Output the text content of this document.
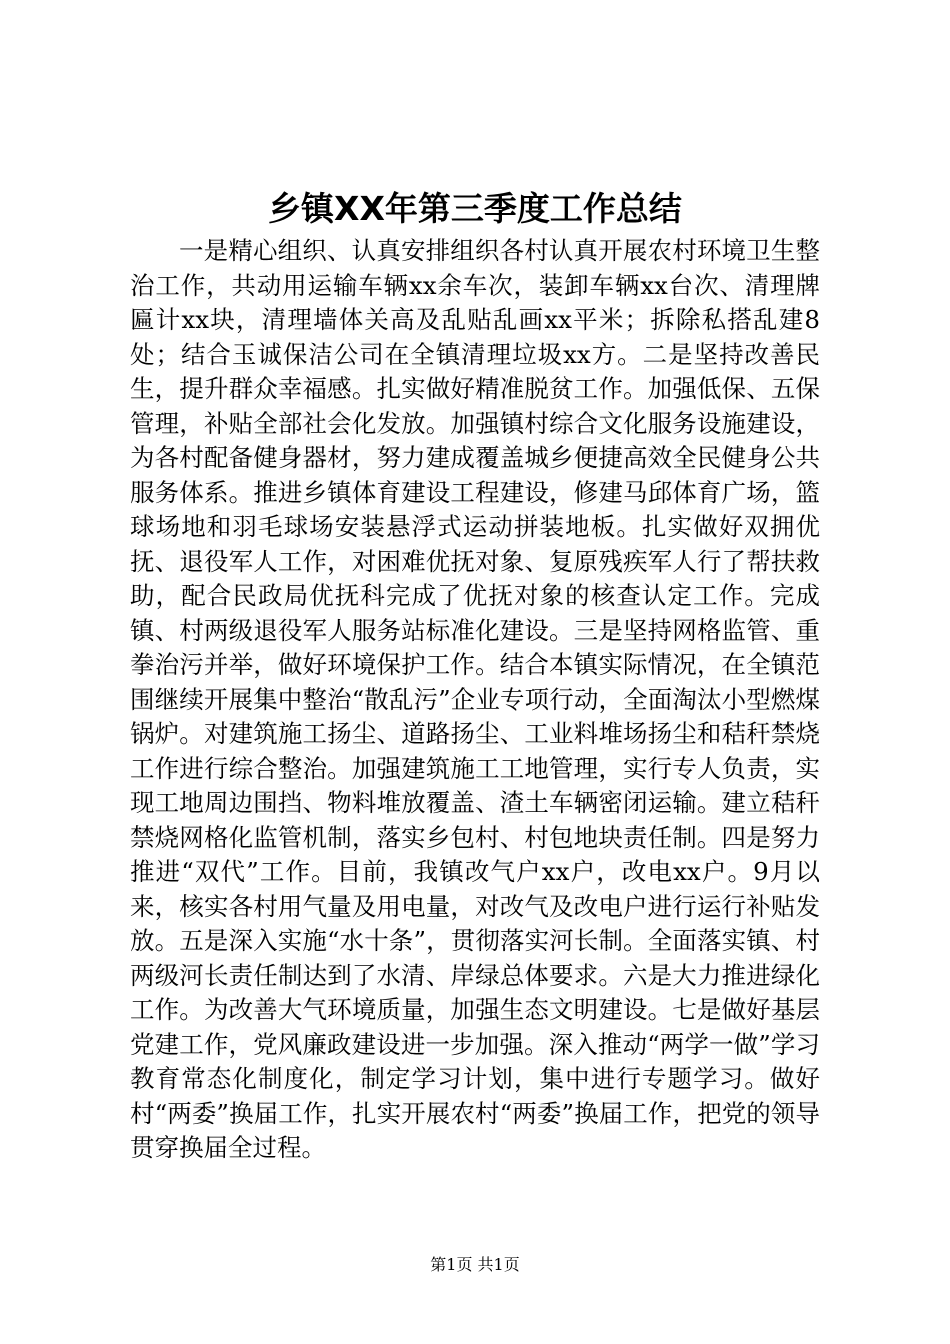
乡镇XX年第三季度工作总结

一是精心组织、认真安排组织各村认真开展农村环境卫生整治工作，共动用运输车辆xx余车次，装卸车辆xx台次、清理牌匾计xx块，清理墙体关高及乱贴乱画xx平米；拆除私搭乱建8处；结合玉诚保洁公司在全镇清理垃圾xx方。二是坚持改善民生，提升群众幸福感。扎实做好精准脱贫工作。加强低保、五保管理，补贴全部社会化发放。加强镇村综合文化服务设施建设，为各村配备健身器材，努力建成覆盖城乡便捷高效全民健身公共服务体系。推进乡镇体育建设工程建设，修建马邱体育广场，篮球场地和羽毛球场安装悬浮式运动拼装地板。扎实做好双拥优抚、退役军人工作，对困难优抚对象、复原残疾军人行了帮扶救助，配合民政局优抚科完成了优抚对象的核查认定工作。完成镇、村两级退役军人服务站标准化建设。三是坚持网格监管、重拳治污并举，做好环境保护工作。结合本镇实际情况，在全镇范围继续开展集中整治“散乱污”企业专项行动，全面淘汰小型燃煤锅炉。对建筑施工扬尘、道路扬尘、工业料堆场扬尘和秸秆禁烧工作进行综合整治。加强建筑施工工地管理，实行专人负责，实现工地周边围挡、物料堆放覆盖、渣土车辆密闭运输。建立秸秆禁烧网格化监管机制，落实乡包村、村包地块责任制。四是努力推进“双代”工作。目前，我镇改气户xx户，改电xx户。9月以来，核实各村用气量及用电量，对改气及改电户进行运行补贴发放。五是深入实施“水十条”，贯彻落实河长制。全面落实镇、村两级河长责任制达到了水清、岸绿总体要求。六是大力推进绿化工作。为改善大气环境质量，加强生态文明建设。七是做好基层党建工作，党风廉政建设进一步加强。深入推动“两学一做”学习教育常态化制度化，制定学习计划，集中进行专题学习。做好村“两委”换届工作，扎实开展农村“两委”换届工作，把党的领导贯穿换届全过程。

第1页 共1页
